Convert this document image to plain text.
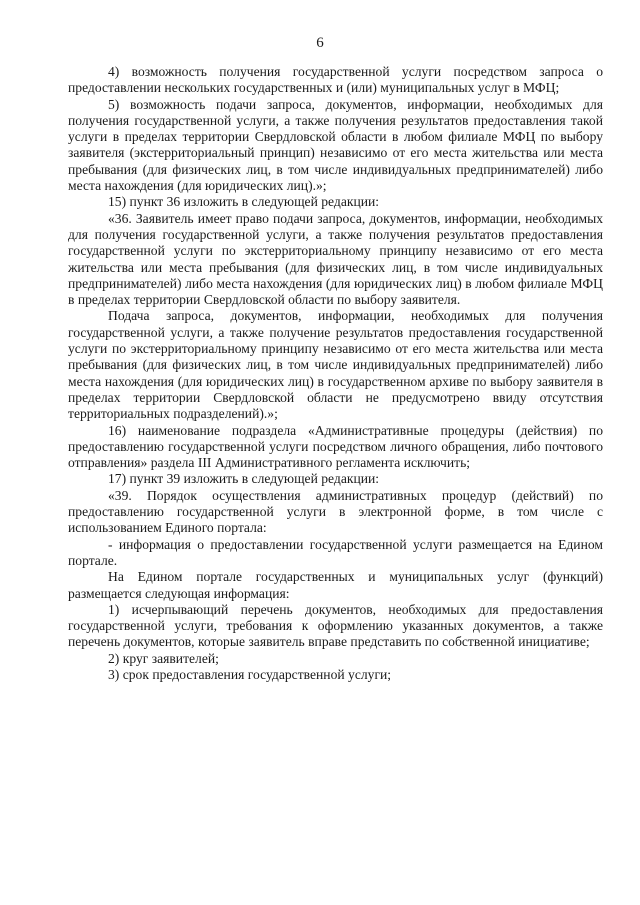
6

4) возможность получения государственной услуги посредством запроса о предоставлении нескольких государственных и (или) муниципальных услуг в МФЦ;

5) возможность подачи запроса, документов, информации, необходимых для получения государственной услуги, а также получения результатов предоставления такой услуги в пределах территории Свердловской области в любом филиале МФЦ по выбору заявителя (экстерриториальный принцип) независимо от его места жительства или места пребывания (для физических лиц, в том числе индивидуальных предпринимателей) либо места нахождения (для юридических лиц).»;

15) пункт 36 изложить в следующей редакции:

«36. Заявитель имеет право подачи запроса, документов, информации, необходимых для получения государственной услуги, а также получения результатов предоставления государственной услуги по экстерриториальному принципу независимо от его места жительства или места пребывания (для физических лиц, в том числе индивидуальных предпринимателей) либо места нахождения (для юридических лиц) в любом филиале МФЦ в пределах территории Свердловской области по выбору заявителя.

Подача запроса, документов, информации, необходимых для получения государственной услуги, а также получение результатов предоставления государственной услуги по экстерриториальному принципу независимо от его места жительства или места пребывания (для физических лиц, в том числе индивидуальных предпринимателей) либо места нахождения (для юридических лиц) в государственном архиве по выбору заявителя в пределах территории Свердловской области не предусмотрено ввиду отсутствия территориальных подразделений).»;

16) наименование подраздела «Административные процедуры (действия) по предоставлению государственной услуги посредством личного обращения, либо почтового отправления» раздела III Административного регламента исключить;

17) пункт 39 изложить в следующей редакции:

«39. Порядок осуществления административных процедур (действий) по предоставлению государственной услуги в электронной форме, в том числе с использованием Единого портала:

- информация о предоставлении государственной услуги размещается на Едином портале.

На Едином портале государственных и муниципальных услуг (функций) размещается следующая информация:

1) исчерпывающий перечень документов, необходимых для предоставления государственной услуги, требования к оформлению указанных документов, а также перечень документов, которые заявитель вправе представить по собственной инициативе;

2) круг заявителей;

3) срок предоставления государственной услуги;
